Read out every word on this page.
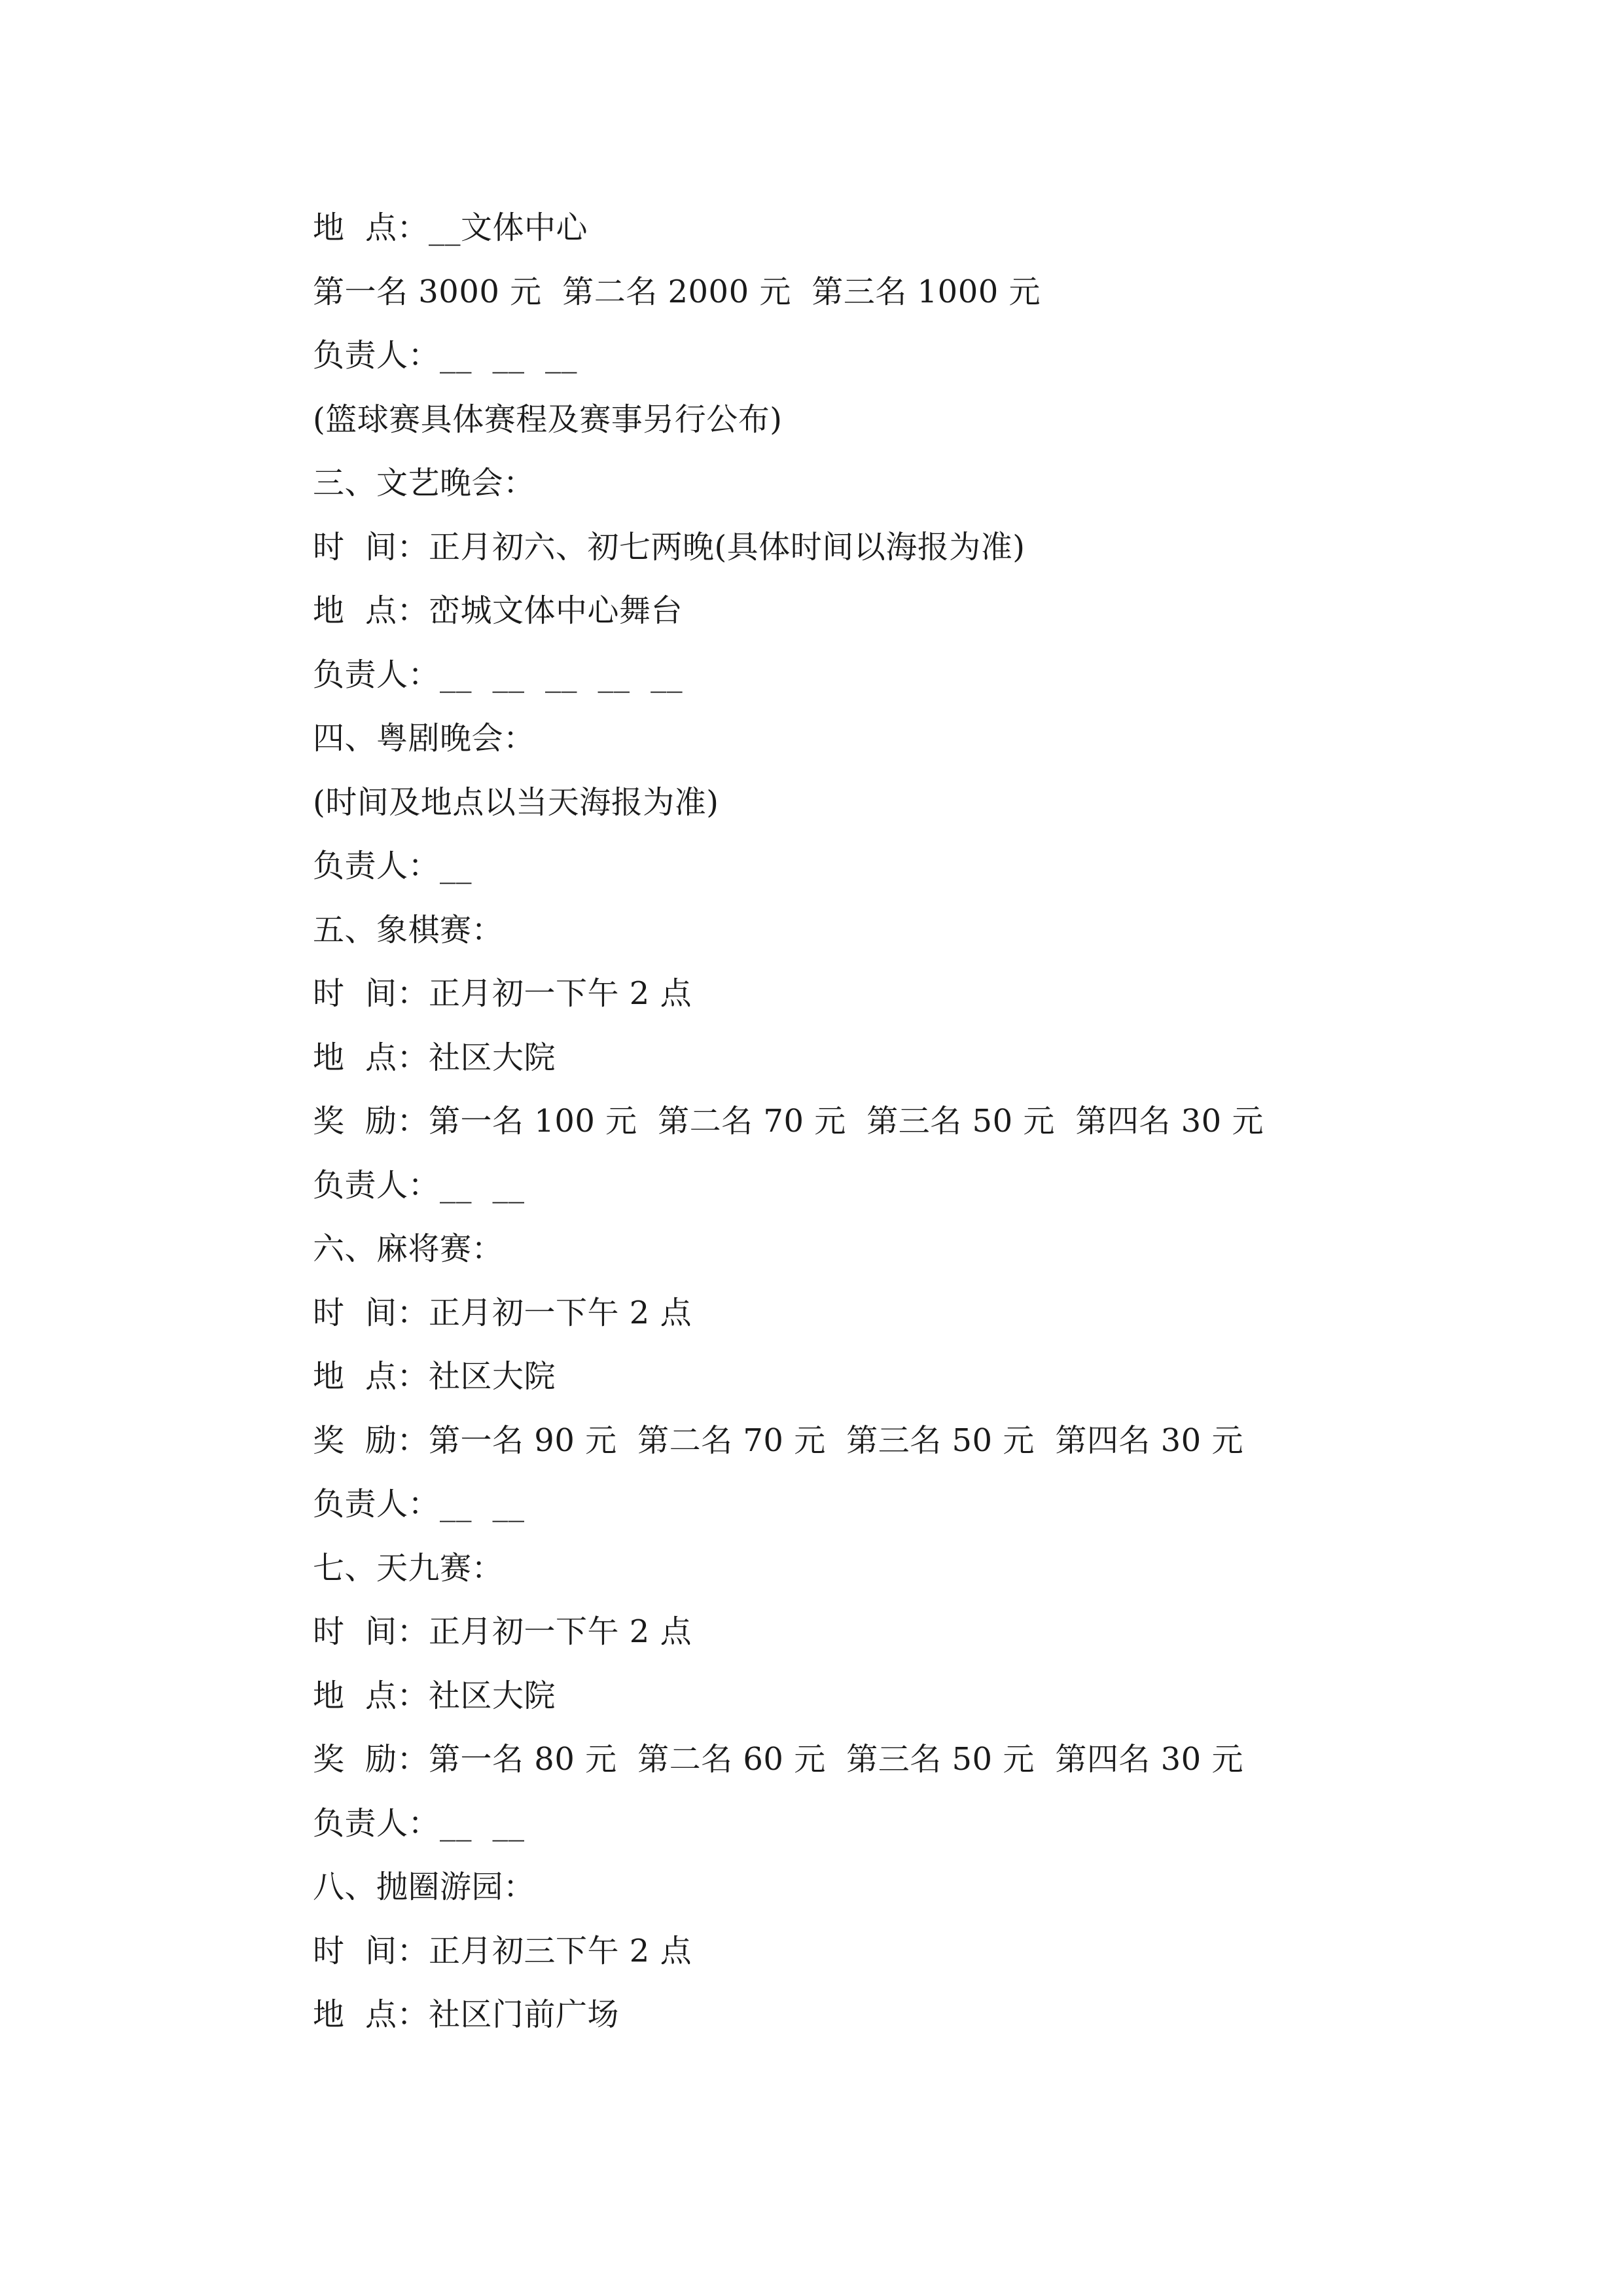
地  点：__文体中心
第一名 3000 元  第二名 2000 元  第三名 1000 元
负责人：__  __  __
(篮球赛具体赛程及赛事另行公布)
三、文艺晚会：
时  间：正月初六、初七两晚(具体时间以海报为准)
地  点：峦城文体中心舞台
负责人：__  __  __  __  __
四、粤剧晚会：
(时间及地点以当天海报为准)
负责人：__
五、象棋赛：
时  间：正月初一下午 2 点
地  点：社区大院
奖  励：第一名 100 元  第二名 70 元  第三名 50 元  第四名 30 元
负责人：__  __
六、麻将赛：
时  间：正月初一下午 2 点
地  点：社区大院
奖  励：第一名 90 元  第二名 70 元  第三名 50 元  第四名 30 元
负责人：__  __
七、天九赛：
时  间：正月初一下午 2 点
地  点：社区大院
奖  励：第一名 80 元  第二名 60 元  第三名 50 元  第四名 30 元
负责人：__  __
八、抛圈游园：
时  间：正月初三下午 2 点
地  点：社区门前广场
